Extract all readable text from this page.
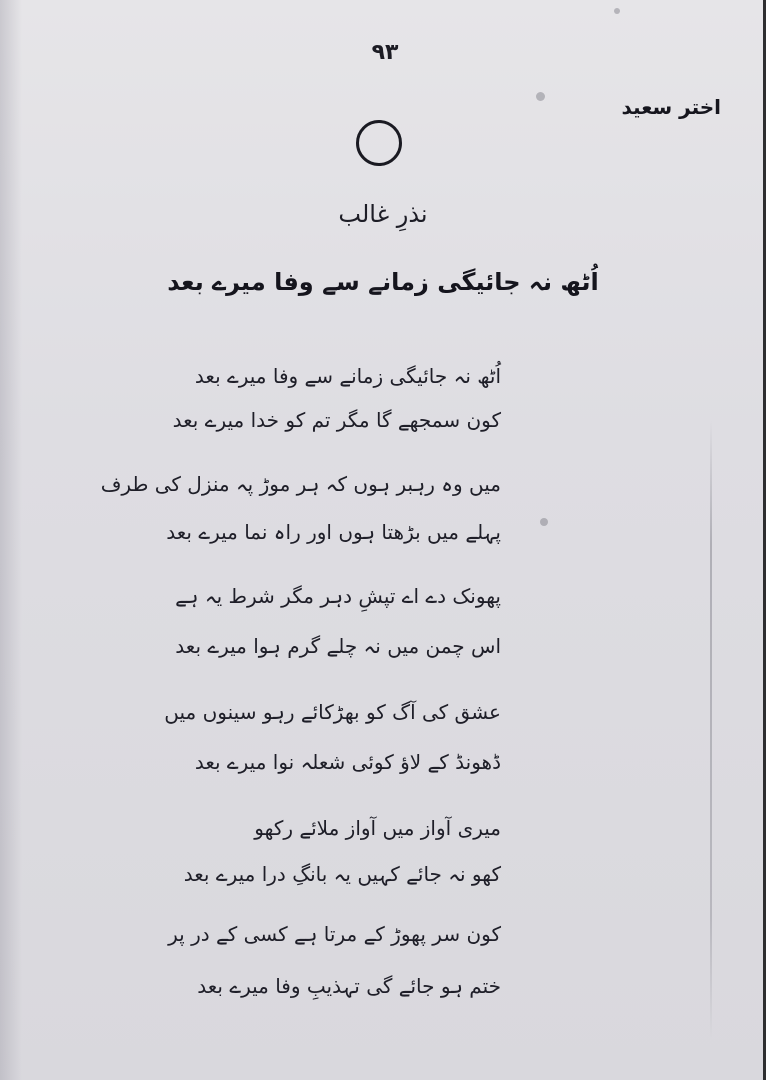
۹۳
اختر سعید
نذرِ غالب
اُٹھ نہ جائیگی زمانے سے وفا میرے بعد
اُٹھ نہ جائیگی زمانے سے وفا میرے بعد
کون سمجھے گا مگر تم کو خدا میرے بعد
میں وہ رہبر ہوں کہ ہر موڑ پہ منزل کی طرف
پہلے میں بڑھتا ہوں اور راہ نما میرے بعد
پھونک دے اے تپشِ دہر مگر شرط یہ ہے
اس چمن میں نہ چلے گرم ہوا میرے بعد
عشق کی آگ کو بھڑکائے رہو سینوں میں
ڈھونڈ کے لاؤ کوئی شعلہ نوا میرے بعد
میری آواز میں آواز ملائے رکھو
کھو نہ جائے کہیں یہ بانگِ درا میرے بعد
کون سر پھوڑ کے مرتا ہے کسی کے در پر
ختم ہو جائے گی تہذیبِ وفا میرے بعد
